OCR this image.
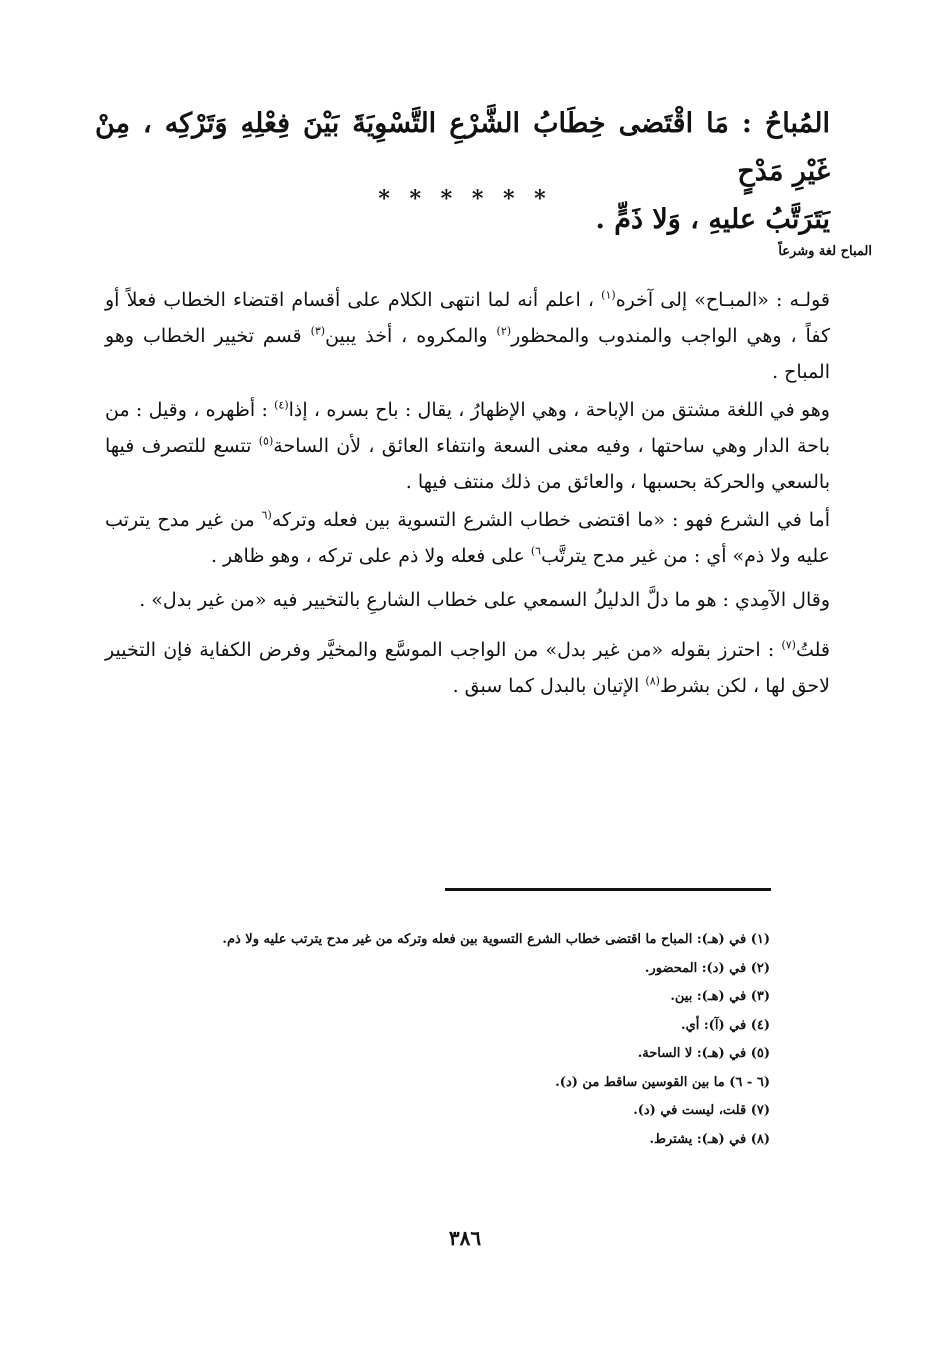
المُباحُ : مَا اقْتَضى خِطَابُ الشَّرْعِ التَّسْوِيَةَ بَيْنَ فِعْلِهِ وَتَرْكِه ، مِنْ غَيْرِ مَدْحٍ
يَتَرَتَّبُ عليهِ ، وَلا ذَمٍّ .
* * * * * *
المباح لغة وشرعاً

قولـه : «المبـاح» إلى آخره$^{(١)}$ ، اعلم أنه لما انتهى الكلام على أقسام اقتضاء الخطاب فعلاً أو كفاً ، وهي الواجب والمندوب والمحظور$^{(٢)}$ والمكروه ، أخذ يبين$^{(٣)}$ قسم تخيير الخطاب وهو المباح .

وهو في اللغة مشتق من الإباحة ، وهي الإظهارُ ، يقال : باح بسره ، إذا$^{(٤)}$ : أظهره ، وقيل : من باحة الدار وهي ساحتها ، وفيه معنى السعة وانتفاء العائق ، لأن الساحة$^{(٥)}$ تتسع للتصرف فيها بالسعي والحركة بحسبها ، والعائق من ذلك منتف فيها .

أما في الشرع فهو : «ما اقتضى خطاب الشرع التسوية بين فعله وتركه$^{(٦}$ من غير مدح يترتب عليه ولا ذم» أي : من غير مدح يترتَّب$^{٦)}$ على فعله ولا ذم على تركه ، وهو ظاهر .

وقال الآمِدي : هو ما دلَّ الدليلُ السمعي على خطاب الشارعِ بالتخيير فيه «من غير بدل» .

قلتُ$^{(٧)}$ : احترز بقوله «من غير بدل» من الواجب الموسَّع والمخيَّر وفرض الكفاية فإن التخيير لاحق لها ، لكن بشرط$^{(٨)}$ الإتيان بالبدل كما سبق .

(١) في (هـ): المباح ما اقتضى خطاب الشرع التسوية بين فعله وتركه من غير مدح يترتب عليه ولا ذم.
(٢) في (د): المحضور.
(٣) في (هـ): بين.
(٤) في (آ): أي.
(٥) في (هـ): لا الساحة.
(٦ - ٦) ما بين القوسين ساقط من (د).
(٧) قلت، ليست في (د).
(٨) في (هـ): يشترط.
٣٨٦
